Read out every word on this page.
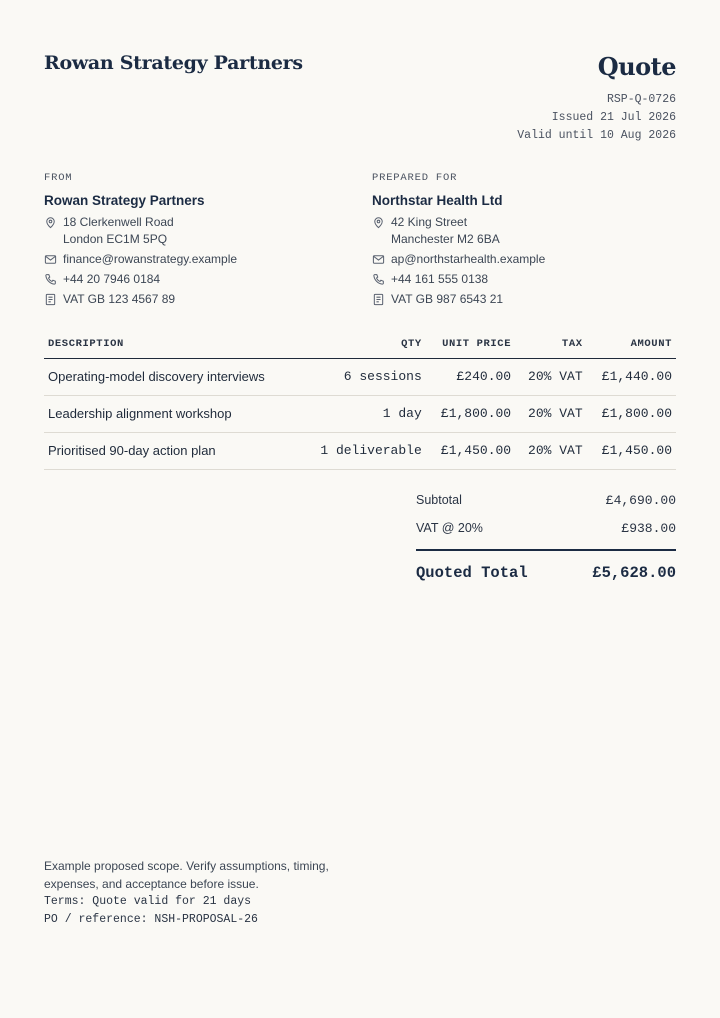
Rowan Strategy Partners	Quote
RSP-Q-0726
Issued 21 Jul 2026
Valid until 10 Aug 2026
FROM
Rowan Strategy Partners
18 Clerkenwell Road
London EC1M 5PQ
finance@rowanstrategy.example
+44 20 7946 0184
VAT GB 123 4567 89
PREPARED FOR
Northstar Health Ltd
42 King Street
Manchester M2 6BA
ap@northstarhealth.example
+44 161 555 0138
VAT GB 987 6543 21
DESCRIPTION	QTY	UNIT PRICE	TAX	AMOUNT
Operating-model discovery interviews	6 sessions	£240.00	20% VAT	£1,440.00
Leadership alignment workshop	1 day	£1,800.00	20% VAT	£1,800.00
Prioritised 90-day action plan	1 deliverable	£1,450.00	20% VAT	£1,450.00
Subtotal	£4,690.00
VAT @ 20%	£938.00
Quoted Total	£5,628.00
Example proposed scope. Verify assumptions, timing, expenses, and acceptance before issue.
Terms: Quote valid for 21 days
PO / reference: NSH-PROPOSAL-26
